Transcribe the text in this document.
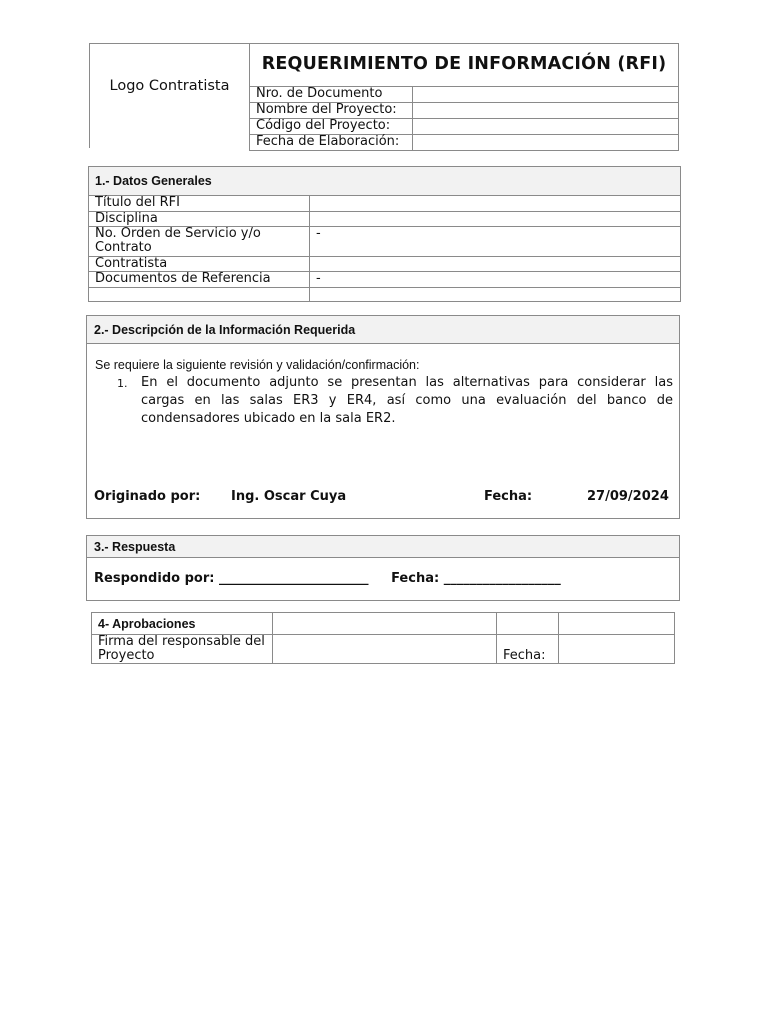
Logo Contratista
REQUERIMIENTO DE INFORMACIÓN (RFI)
Nro. de Documento	
Nombre del Proyecto:	
Código del Proyecto:	
Fecha de Elaboración:	
1.- Datos Generales	
Título del RFI	
Disciplina	
No. Orden de Servicio y/o Contrato	-
Contratista	
Documentos de Referencia	-

2.- Descripción de la Información Requerida
Se requiere la siguiente revisión y validación/confirmación:
1. En el documento adjunto se presentan las alternativas para considerar las cargas en las salas ER3 y ER4, así como una evaluación del banco de condensadores ubicado en la sala ER2.
Originado por: Ing. Oscar Cuya	Fecha:	27/09/2024
3.- Respuesta
Respondido por: _______________________     Fecha: __________________
4- Aprobaciones			
Firma del responsable del Proyecto		Fecha:	
